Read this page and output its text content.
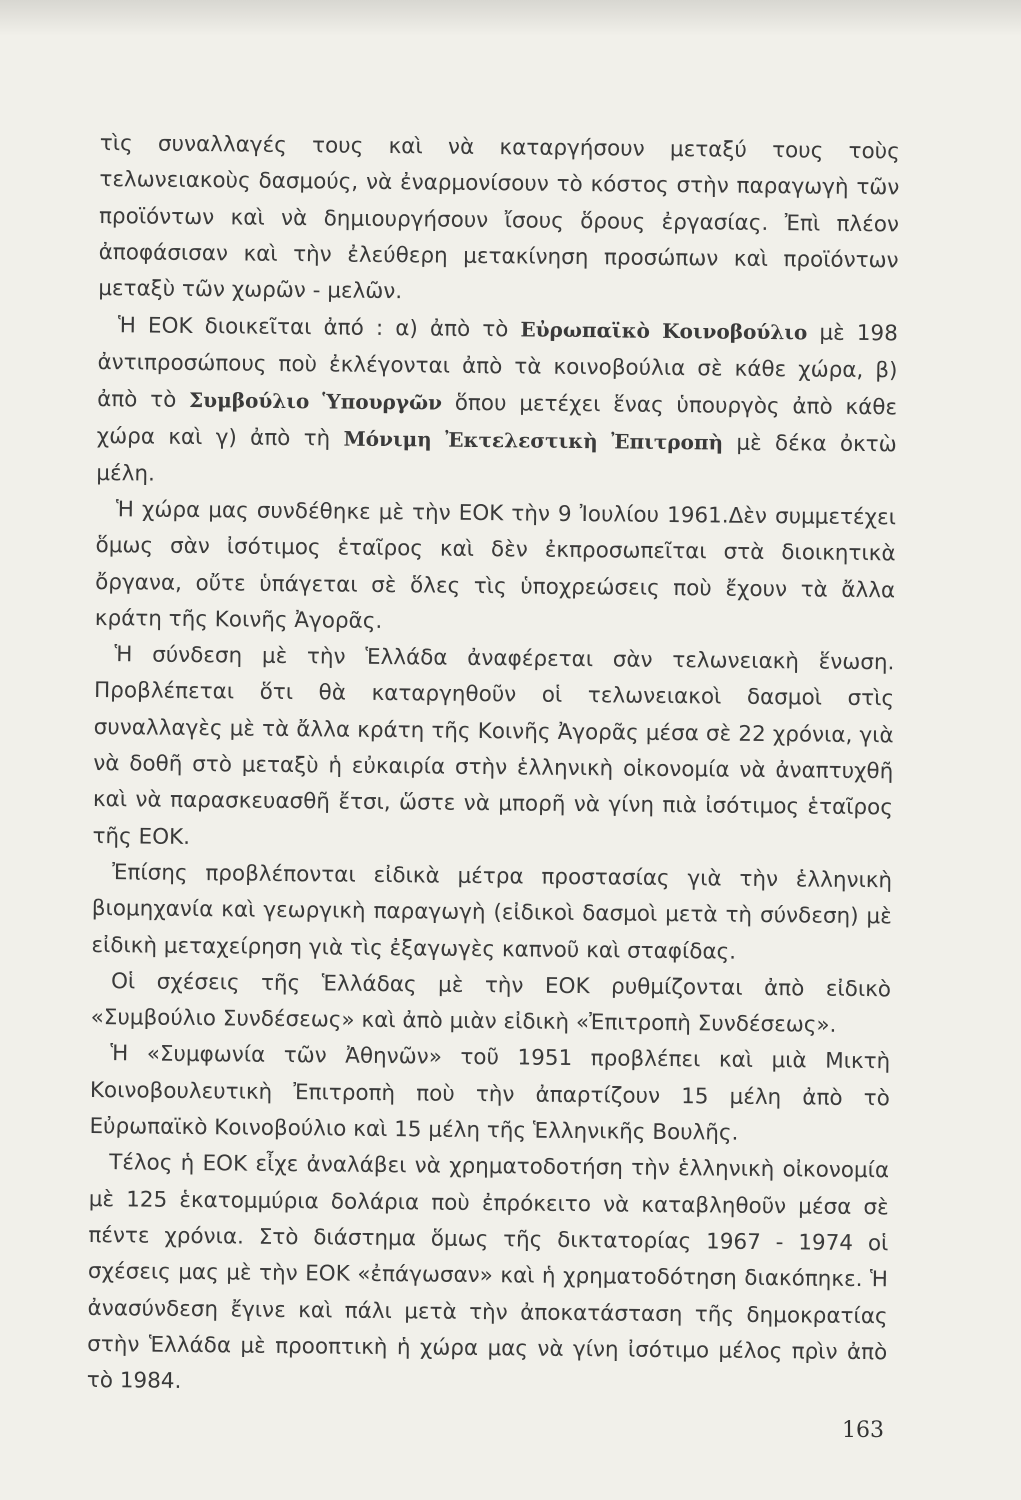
τὶς συναλλαγές τους καὶ νὰ καταργήσουν μεταξύ τους τοὺς τελωνειακοὺς δασμούς, νὰ ἐναρμονίσουν τὸ κόστος στὴν παραγωγὴ τῶν προϊόντων καὶ νὰ δημιουργήσουν ἴσους ὅρους ἐργασίας. Ἐπὶ πλέον ἀποφάσισαν καὶ τὴν ἐλεύθερη μετακίνηση προσώπων καὶ προϊόντων μεταξὺ τῶν χωρῶν - μελῶν.

Ἡ ΕΟΚ διοικεῖται ἀπό : α) ἀπὸ τὸ Εὐρωπαϊκὸ Κοινοβούλιο μὲ 198 ἀντιπροσώπους ποὺ ἐκλέγονται ἀπὸ τὰ κοινοβούλια σὲ κάθε χώρα, β) ἀπὸ τὸ Συμβούλιο Ὑπουργῶν ὅπου μετέχει ἕνας ὑπουργὸς ἀπὸ κάθε χώρα καὶ γ) ἀπὸ τὴ Μόνιμη Ἐκτελεστικὴ Ἐπιτροπὴ μὲ δέκα ὀκτὼ μέλη.

Ἡ χώρα μας συνδέθηκε μὲ τὴν ΕΟΚ τὴν 9 Ἰουλίου 1961.Δὲν συμμετέχει ὅμως σὰν ἰσότιμος ἑταῖρος καὶ δὲν ἐκπροσωπεῖται στὰ διοικητικὰ ὄργανα, οὔτε ὑπάγεται σὲ ὅλες τὶς ὑποχρεώσεις ποὺ ἔχουν τὰ ἄλλα κράτη τῆς Κοινῆς Ἀγορᾶς.

Ἡ σύνδεση μὲ τὴν Ἑλλάδα ἀναφέρεται σὰν τελωνειακὴ ἕνωση. Προβλέπεται ὅτι θὰ καταργηθοῦν οἱ τελωνειακοὶ δασμοὶ στὶς συναλλαγὲς μὲ τὰ ἄλλα κράτη τῆς Κοινῆς Ἀγορᾶς μέσα σὲ 22 χρόνια, γιὰ νὰ δοθῆ στὸ μεταξὺ ἡ εὐκαιρία στὴν ἑλληνικὴ οἰκονομία νὰ ἀναπτυχθῆ καὶ νὰ παρασκευασθῆ ἔτσι, ὥστε νὰ μπορῆ νὰ γίνη πιὰ ἰσότιμος ἑταῖρος τῆς ΕΟΚ.

Ἐπίσης προβλέπονται εἰδικὰ μέτρα προστασίας γιὰ τὴν ἑλληνικὴ βιομηχανία καὶ γεωργικὴ παραγωγὴ (εἰδικοὶ δασμοὶ μετὰ τὴ σύνδεση) μὲ εἰδικὴ μεταχείρηση γιὰ τὶς ἐξαγωγὲς καπνοῦ καὶ σταφίδας.

Οἱ σχέσεις τῆς Ἑλλάδας μὲ τὴν ΕΟΚ ρυθμίζονται ἀπὸ εἰδικὸ «Συμβούλιο Συνδέσεως» καὶ ἀπὸ μιὰν εἰδικὴ «Ἐπιτροπὴ Συνδέσεως».

Ἡ «Συμφωνία τῶν Ἀθηνῶν» τοῦ 1951 προβλέπει καὶ μιὰ Μικτὴ Κοινοβουλευτικὴ Ἐπιτροπὴ ποὺ τὴν ἀπαρτίζουν 15 μέλη ἀπὸ τὸ Εὐρωπαϊκὸ Κοινοβούλιο καὶ 15 μέλη τῆς Ἑλληνικῆς Βουλῆς.

Τέλος ἡ ΕΟΚ εἶχε ἀναλάβει νὰ χρηματοδοτήση τὴν ἑλληνικὴ οἰκονομία μὲ 125 ἑκατομμύρια δολάρια ποὺ ἐπρόκειτο νὰ καταβληθοῦν μέσα σὲ πέντε χρόνια. Στὸ διάστημα ὅμως τῆς δικτατορίας 1967 - 1974 οἱ σχέσεις μας μὲ τὴν ΕΟΚ «ἐπάγωσαν» καὶ ἡ χρηματοδότηση διακόπηκε. Ἡ ἀνασύνδεση ἔγινε καὶ πάλι μετὰ τὴν ἀποκατάσταση τῆς δημοκρατίας στὴν Ἑλλάδα μὲ προοπτικὴ ἡ χώρα μας νὰ γίνη ἰσότιμο μέλος πρὶν ἀπὸ τὸ 1984.

163
